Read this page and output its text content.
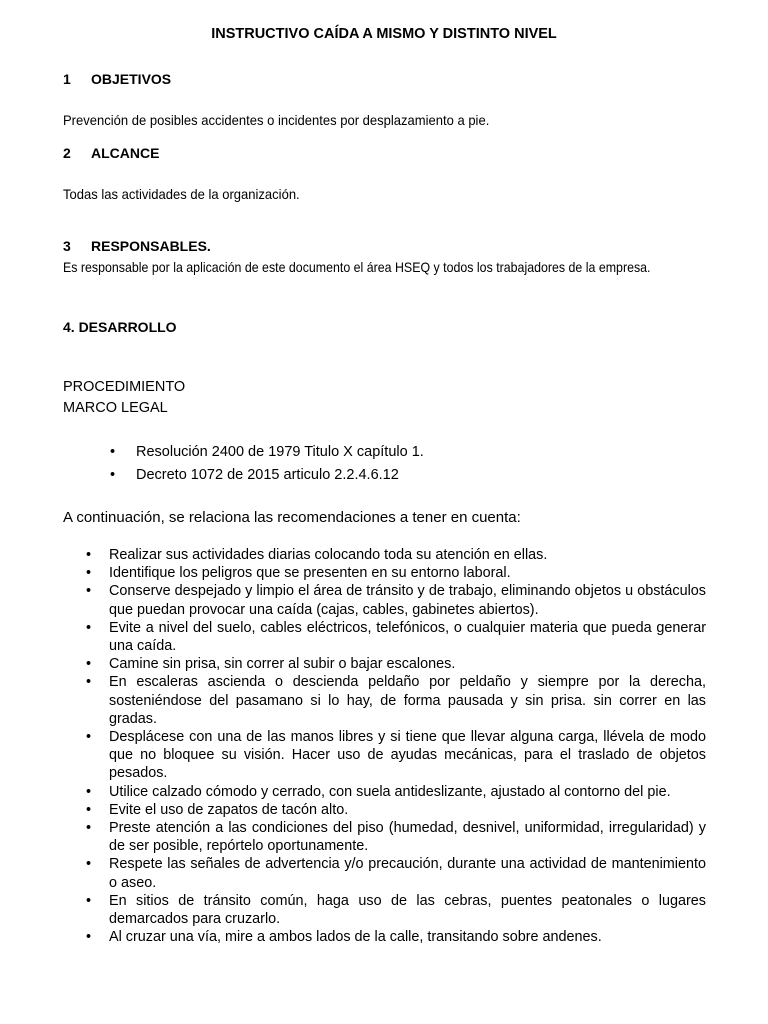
INSTRUCTIVO CAÍDA A MISMO Y DISTINTO NIVEL
1 OBJETIVOS
Prevención de posibles accidentes o incidentes por desplazamiento a pie.
2 ALCANCE
Todas las actividades de la organización.
3 RESPONSABLES.
Es responsable por la aplicación de este documento el área HSEQ y todos los trabajadores de la empresa.
4. DESARROLLO
PROCEDIMIENTO
MARCO LEGAL
• Resolución 2400 de 1979 Titulo X capítulo 1.
• Decreto 1072 de 2015 articulo 2.2.4.6.12
A continuación, se relaciona las recomendaciones a tener en cuenta:
• Realizar sus actividades diarias colocando toda su atención en ellas.
• Identifique los peligros que se presenten en su entorno laboral.
• Conserve despejado y limpio el área de tránsito y de trabajo, eliminando objetos u obstáculos que puedan provocar una caída (cajas, cables, gabinetes abiertos).
• Evite a nivel del suelo, cables eléctricos, telefónicos, o cualquier materia que pueda generar una caída.
• Camine sin prisa, sin correr al subir o bajar escalones.
• En escaleras ascienda o descienda peldaño por peldaño y siempre por la derecha, sosteniéndose del pasamano si lo hay, de forma pausada y sin prisa. sin correr en las gradas.
• Desplácese con una de las manos libres y si tiene que llevar alguna carga, llévela de modo que no bloquee su visión. Hacer uso de ayudas mecánicas, para el traslado de objetos pesados.
• Utilice calzado cómodo y cerrado, con suela antideslizante, ajustado al contorno del pie.
• Evite el uso de zapatos de tacón alto.
• Preste atención a las condiciones del piso (humedad, desnivel, uniformidad, irregularidad) y de ser posible, repórtelo oportunamente.
• Respete las señales de advertencia y/o precaución, durante una actividad de mantenimiento o aseo.
• En sitios de tránsito común, haga uso de las cebras, puentes peatonales o lugares demarcados para cruzarlo.
• Al cruzar una vía, mire a ambos lados de la calle, transitando sobre andenes.
